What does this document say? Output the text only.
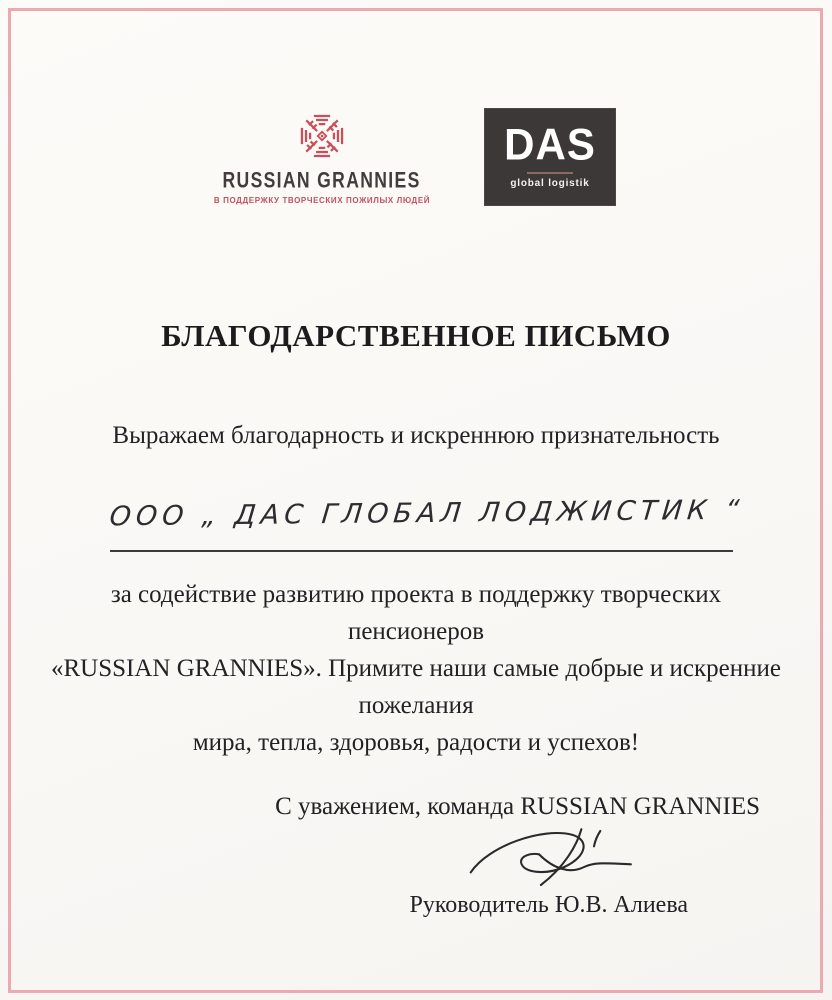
RUSSIAN GRANNIES
В ПОДДЕРЖКУ ТВОРЧЕСКИХ ПОЖИЛЫХ ЛЮДЕЙ
DAS
global logistik
БЛАГОДАРСТВЕННОЕ ПИСЬМО
Выражаем благодарность и искреннюю признательность
ООО „ ДАС ГЛОБАЛ ЛОДЖИСТИК “
за содействие развитию проекта в поддержку творческих пенсионеров
«RUSSIAN GRANNIES». Примите наши самые добрые и искренние пожелания
мира, тепла, здоровья, радости и успехов!
С уважением, команда RUSSIAN GRANNIES
Руководитель Ю.В. Алиева
